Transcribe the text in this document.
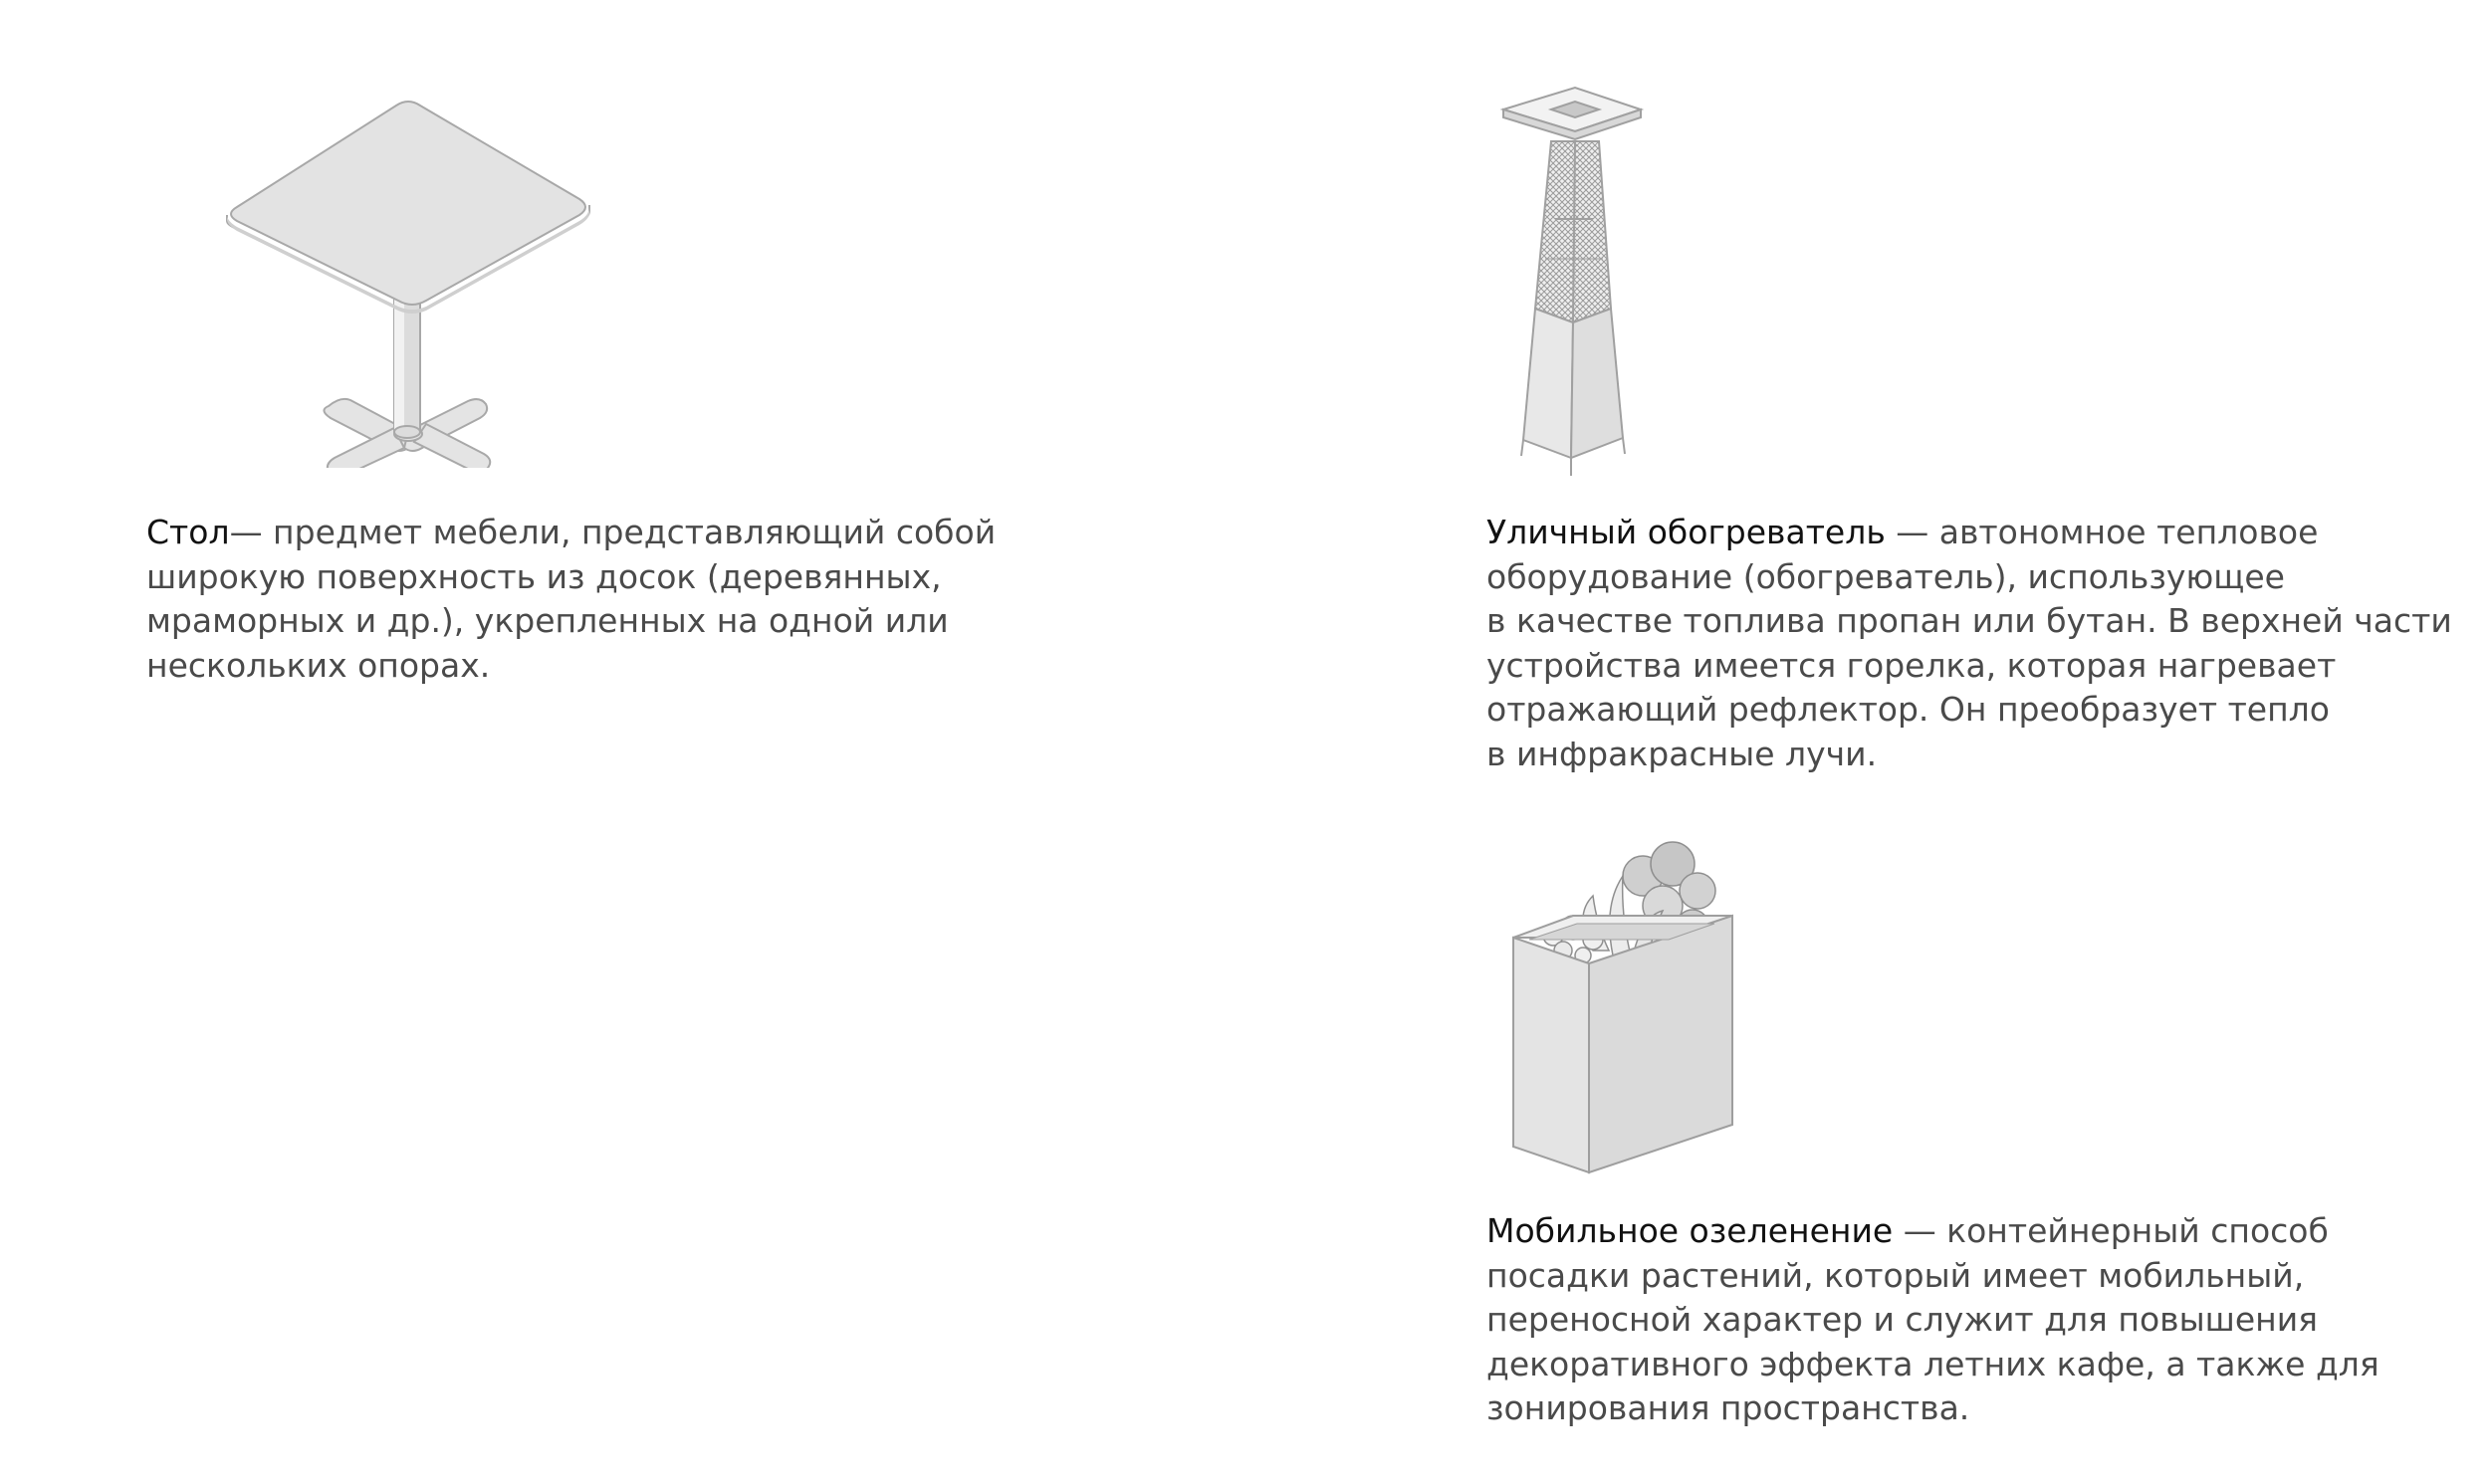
Стол— предмет мебели, представляющий собой
широкую поверхность из досок (деревянных,
мраморных и др.), укрепленных на одной или
нескольких опорах.
Уличный обогреватель — автономное тепловое
оборудование (обогреватель), использующее
в качестве топлива пропан или бутан. В верхней части
устройства имеется горелка, которая нагревает
отражающий рефлектор. Он преобразует тепло
в инфракрасные лучи.
Мобильное озеленение — контейнерный способ
посадки растений, который имеет мобильный,
переносной характер и служит для повышения
декоративного эффекта летних кафе, а также для
зонирования пространства.
